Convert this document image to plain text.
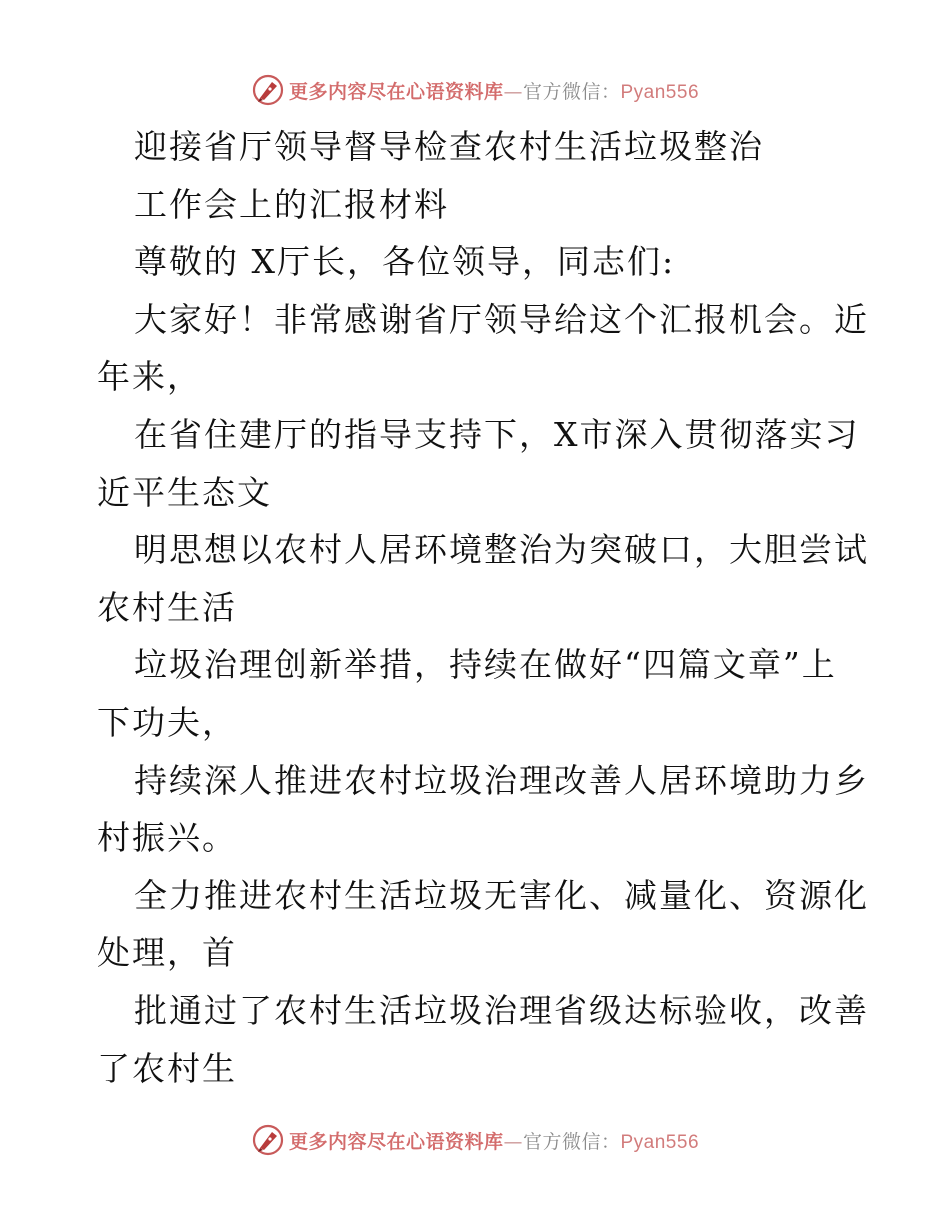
更多内容尽在心语资料库—官方微信：Pyan556
迎接省厅领导督导检查农村生活垃圾整治
工作会上的汇报材料
尊敬的 X厅长，各位领导，同志们:
大家好！非常感谢省厅领导给这个汇报机会。近
年来，
在省住建厅的指导支持下，X市深入贯彻落实习
近平生态文
明思想以农村人居环境整治为突破口，大胆尝试
农村生活
垃圾治理创新举措，持续在做好“四篇文章”上
下功夫，
持续深人推进农村垃圾治理改善人居环境助力乡
村振兴。
全力推进农村生活垃圾无害化、减量化、资源化
处理，首
批通过了农村生活垃圾治理省级达标验收，改善
了农村生
更多内容尽在心语资料库—官方微信：Pyan556
